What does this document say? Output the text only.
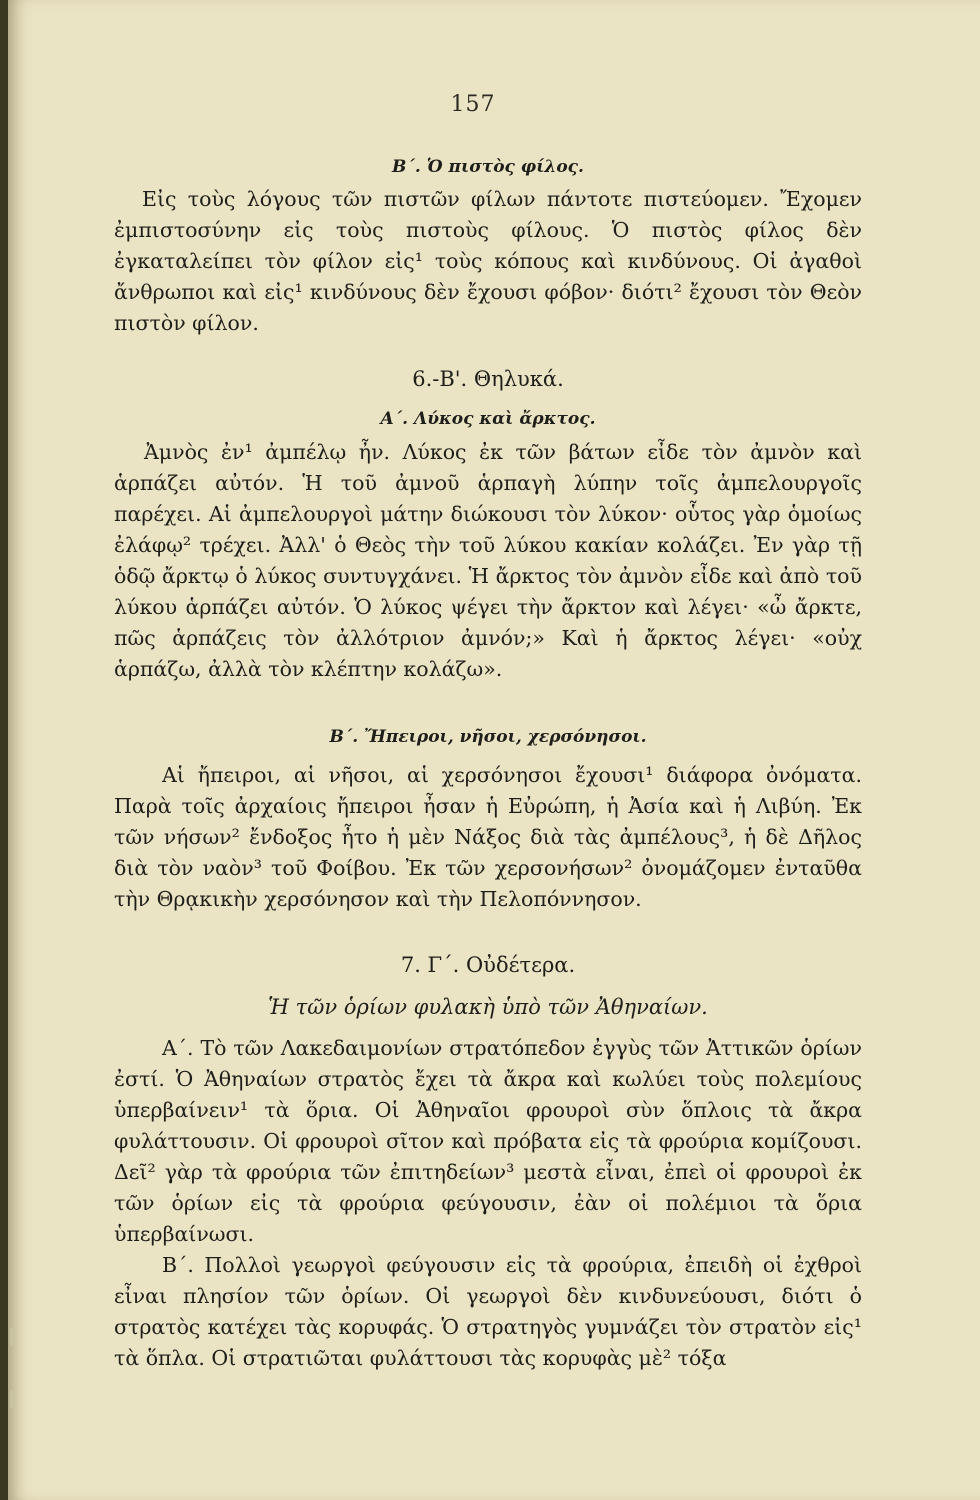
157
Β΄. Ὁ πιστὸς φίλος.

Εἰς τοὺς λόγους τῶν πιστῶν φίλων πάντοτε πιστεύομεν. Ἔχομεν ἐμπιστοσύνην εἰς τοὺς πιστοὺς φίλους. Ὁ πιστὸς φίλος δὲν ἐγκαταλείπει τὸν φίλον εἰς¹ τοὺς κόπους καὶ κινδύνους. Οἱ ἀγαθοὶ ἄνθρωποι καὶ εἰς¹ κινδύνους δὲν ἔχουσι φόβον· διότι² ἔχουσι τὸν Θεὸν πιστὸν φίλον.

6.-Β'. Θηλυκά.
Α΄. Λύκος καὶ ἄρκτος.

Ἀμνὸς ἐν¹ ἀμπέλῳ ἦν. Λύκος ἐκ τῶν βάτων εἶδε τὸν ἀμνὸν καὶ ἁρπάζει αὐτόν. Ἡ τοῦ ἀμνοῦ ἁρπαγὴ λύπην τοῖς ἀμπελουργοῖς παρέχει. Αἱ ἀμπελουργοὶ μάτην διώκουσι τὸν λύκον· οὗτος γὰρ ὁμοίως ἐλάφῳ² τρέχει. Ἀλλ' ὁ Θεὸς τὴν τοῦ λύκου κακίαν κολάζει. Ἐν γὰρ τῇ ὁδῷ ἄρκτῳ ὁ λύκος συντυγχάνει. Ἡ ἄρκτος τὸν ἀμνὸν εἶδε καὶ ἀπὸ τοῦ λύκου ἁρπάζει αὐτόν. Ὁ λύκος ψέγει τὴν ἄρκτον καὶ λέγει· «ὦ ἄρκτε, πῶς ἁρπάζεις τὸν ἀλλότριον ἀμνόν;» Καὶ ἡ ἄρκτος λέγει· «οὐχ ἁρπάζω, ἀλλὰ τὸν κλέπτην κολάζω».

Β΄. Ἤπειροι, νῆσοι, χερσόνησοι.

Αἱ ἤπειροι, αἱ νῆσοι, αἱ χερσόνησοι ἔχουσι¹ διάφορα ὀνόματα. Παρὰ τοῖς ἀρχαίοις ἤπειροι ἦσαν ἡ Εὐρώπη, ἡ Ἀσία καὶ ἡ Λιβύη. Ἐκ τῶν νήσων² ἔνδοξος ἦτο ἡ μὲν Νάξος διὰ τὰς ἀμπέλους³, ἡ δὲ Δῆλος διὰ τὸν ναὸν³ τοῦ Φοίβου. Ἐκ τῶν χερσονήσων² ὀνομάζομεν ἐνταῦθα τὴν Θρᾳκικὴν χερσόνησον καὶ τὴν Πελοπόννησον.

7. Γ΄. Οὐδέτερα.
Ἡ τῶν ὁρίων φυλακὴ ὑπὸ τῶν Ἀθηναίων.

Α΄. Τὸ τῶν Λακεδαιμονίων στρατόπεδον ἐγγὺς τῶν Ἀττικῶν ὁρίων ἐστί. Ὁ Ἀθηναίων στρατὸς ἔχει τὰ ἄκρα καὶ κωλύει τοὺς πολεμίους ὑπερβαίνειν¹ τὰ ὅρια. Οἱ Ἀθηναῖοι φρουροὶ σὺν ὅπλοις τὰ ἄκρα φυλάττουσιν. Οἱ φρουροὶ σῖτον καὶ πρόβατα εἰς τὰ φρούρια κομίζουσι. Δεῖ² γὰρ τὰ φρούρια τῶν ἐπιτηδείων³ μεστὰ εἶναι, ἐπεὶ οἱ φρουροὶ ἐκ τῶν ὁρίων εἰς τὰ φρούρια φεύγουσιν, ἐὰν οἱ πολέμιοι τὰ ὅρια ὑπερβαίνωσι.

Β΄. Πολλοὶ γεωργοὶ φεύγουσιν εἰς τὰ φρούρια, ἐπειδὴ οἱ ἐχθροὶ εἶναι πλησίον τῶν ὁρίων. Οἱ γεωργοὶ δὲν κινδυνεύουσι, διότι ὁ στρατὸς κατέχει τὰς κορυφάς. Ὁ στρατηγὸς γυμνάζει τὸν στρατὸν εἰς¹ τὰ ὅπλα. Οἱ στρατιῶται φυλάττουσι τὰς κορυφὰς μὲ² τόξα
